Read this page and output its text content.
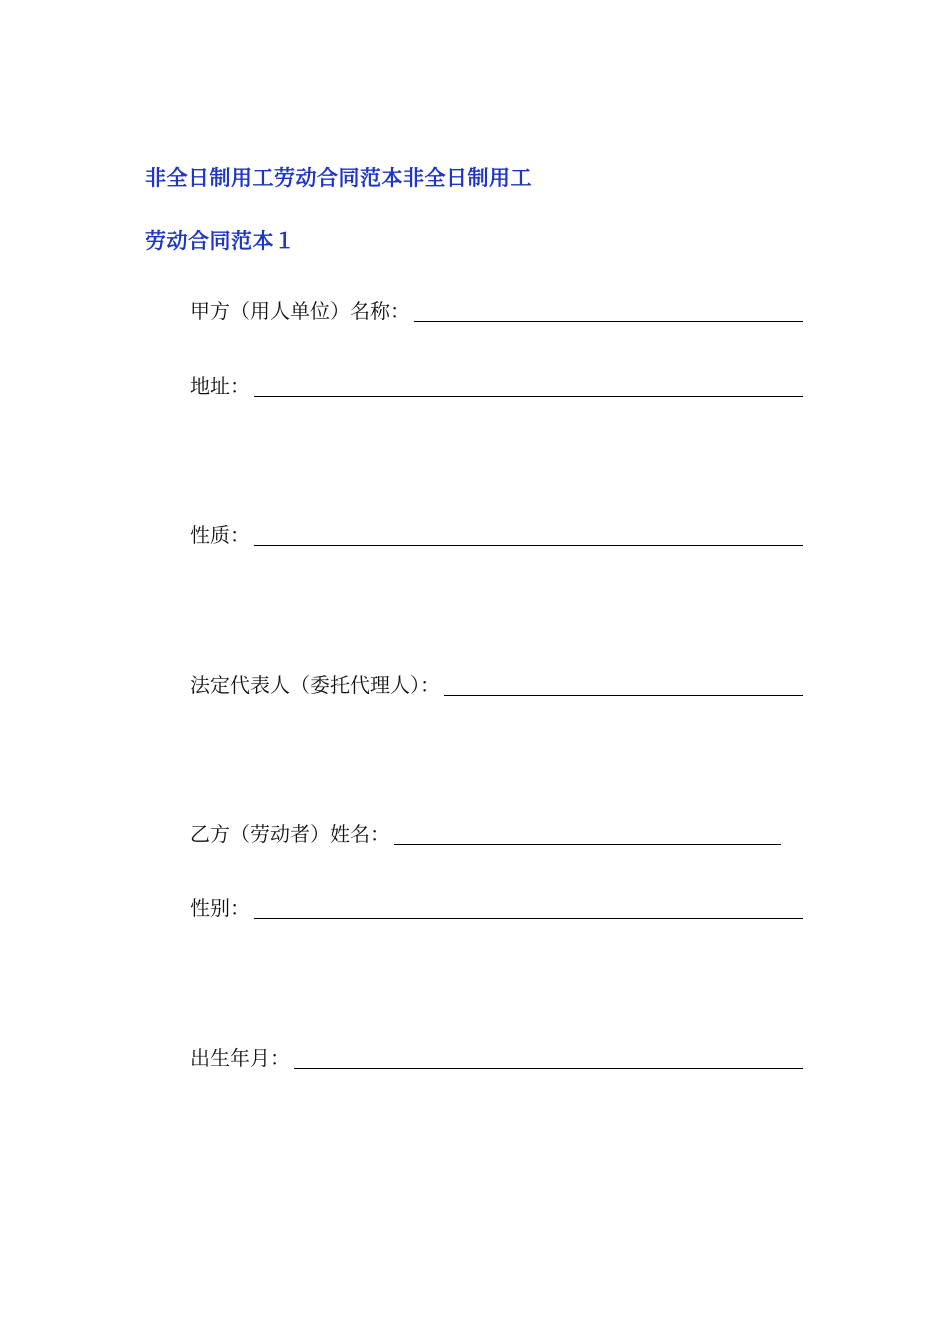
非全日制用工劳动合同范本非全日制用工
劳动合同范本１
甲方（用人单位）名称：
地址：
性质：
法定代表人（委托代理人）：
乙方（劳动者）姓名：
性别：
出生年月：
